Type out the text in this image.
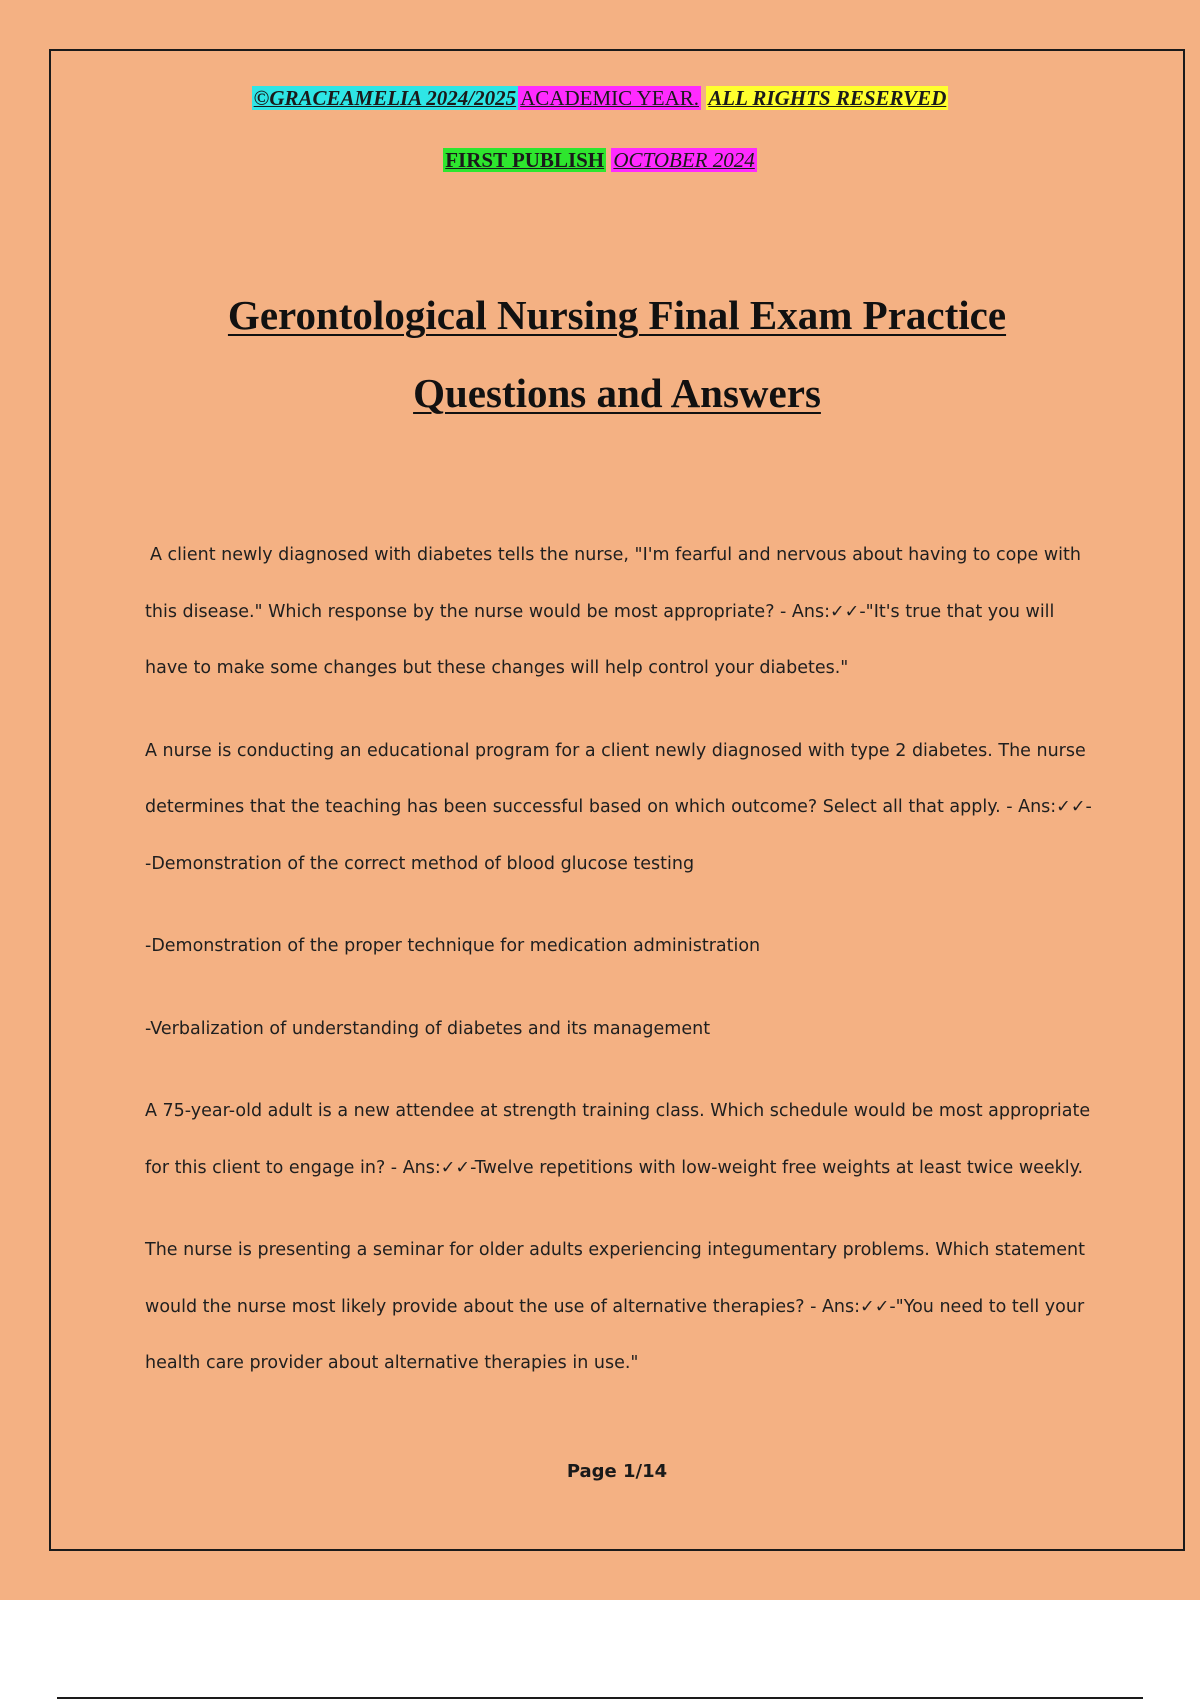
©GRACEAMELIA 2024/2025 ACADEMIC YEAR. ALL RIGHTS RESERVED
FIRST PUBLISH OCTOBER 2024
Gerontological Nursing Final Exam Practice
Questions and Answers

A client newly diagnosed with diabetes tells the nurse, "I'm fearful and nervous about having to cope with this disease." Which response by the nurse would be most appropriate? - Ans:✓✓-"It's true that you will have to make some changes but these changes will help control your diabetes."

A nurse is conducting an educational program for a client newly diagnosed with type 2 diabetes. The nurse determines that the teaching has been successful based on which outcome? Select all that apply. - Ans:✓✓--Demonstration of the correct method of blood glucose testing

-Demonstration of the proper technique for medication administration

-Verbalization of understanding of diabetes and its management

A 75-year-old adult is a new attendee at strength training class. Which schedule would be most appropriate for this client to engage in? - Ans:✓✓-Twelve repetitions with low-weight free weights at least twice weekly.

The nurse is presenting a seminar for older adults experiencing integumentary problems. Which statement would the nurse most likely provide about the use of alternative therapies? - Ans:✓✓-"You need to tell your health care provider about alternative therapies in use."

Page 1/14
